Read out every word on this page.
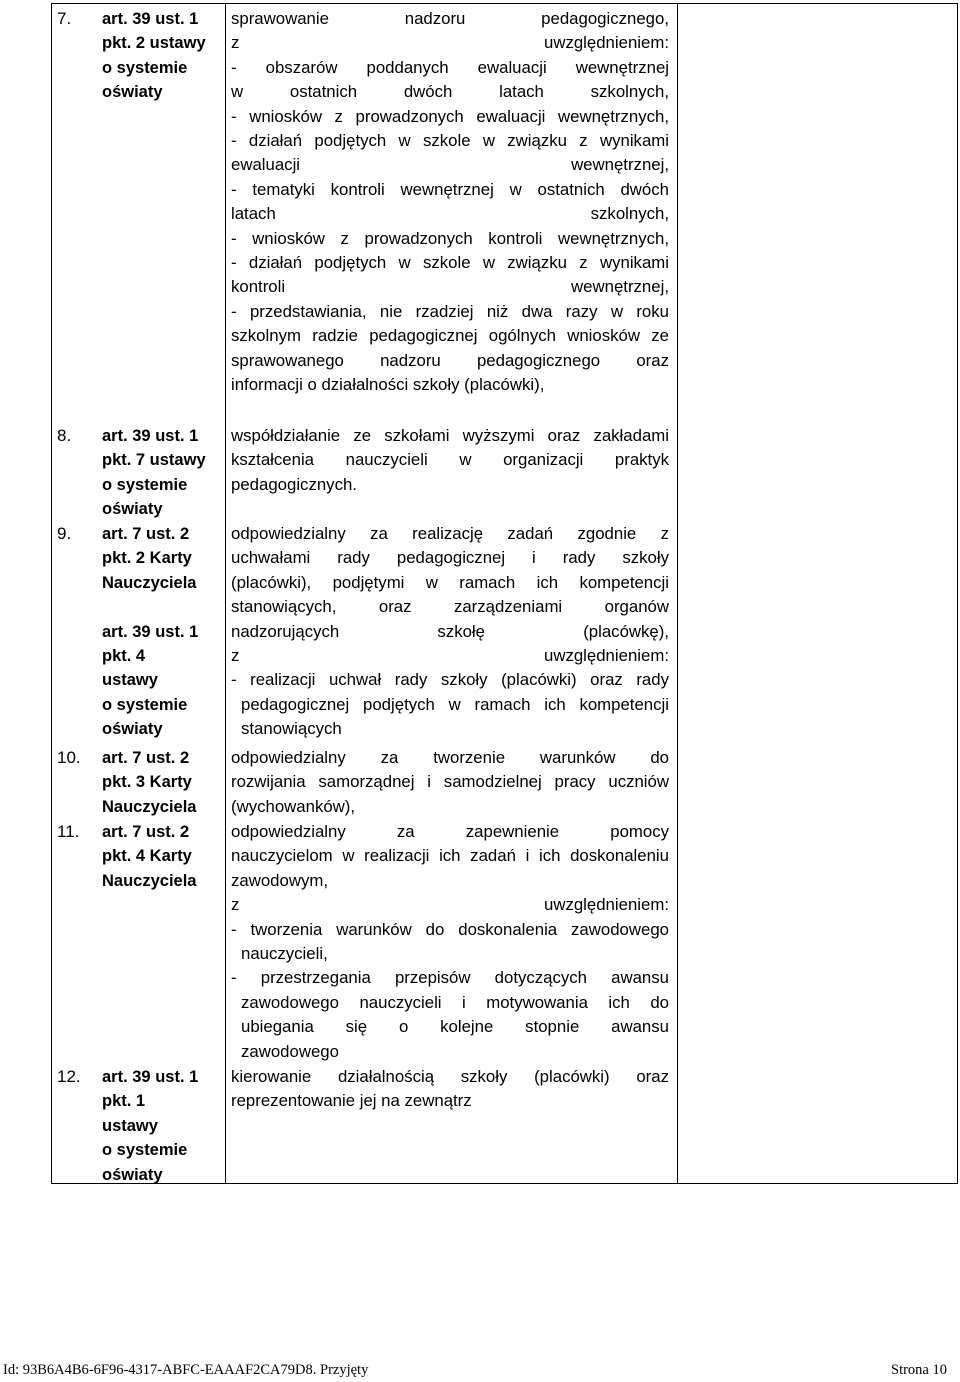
7.
8.
9.
10.
11.
12.

art. 39 ust. 1

pkt. 2 ustawy

o systemie

oświaty

art. 39 ust. 1

pkt. 7 ustawy

o systemie

oświaty

art. 7 ust. 2

pkt. 2 Karty

Nauczyciela

art. 39 ust. 1

pkt. 4

ustawy

o systemie

oświaty

art. 7 ust. 2

pkt. 3 Karty

Nauczyciela

art. 7 ust. 2

pkt. 4 Karty

Nauczyciela

art. 39 ust. 1

pkt. 1

ustawy

o systemie

oświaty

sprawowanie nadzoru pedagogicznego,

z uwzględnieniem:

- obszarów poddanych ewaluacji wewnętrznej

w ostatnich dwóch latach szkolnych,

- wniosków z prowadzonych ewaluacji wewnętrznych,

- działań podjętych w szkole w związku z wynikami

ewaluacji wewnętrznej,

- tematyki kontroli wewnętrznej w ostatnich dwóch

latach szkolnych,

- wniosków z prowadzonych kontroli wewnętrznych,

- działań podjętych w szkole w związku z wynikami

kontroli wewnętrznej,

- przedstawiania, nie rzadziej niż dwa razy w roku

szkolnym radzie pedagogicznej ogólnych wniosków ze

sprawowanego nadzoru pedagogicznego oraz

informacji o działalności szkoły (placówki),

współdziałanie ze szkołami wyższymi oraz zakładami

kształcenia nauczycieli w organizacji praktyk

pedagogicznych.

odpowiedzialny za realizację zadań zgodnie z

uchwałami rady pedagogicznej i rady szkoły

(placówki), podjętymi w ramach ich kompetencji

stanowiących, oraz zarządzeniami organów

nadzorujących szkołę (placówkę),

z uwzględnieniem:

- realizacji uchwał rady szkoły (placówki) oraz rady

pedagogicznej podjętych w ramach ich kompetencji

stanowiących

odpowiedzialny za tworzenie warunków do

rozwijania samorządnej i samodzielnej pracy uczniów

(wychowanków),

odpowiedzialny za zapewnienie pomocy

nauczycielom w realizacji ich zadań i ich doskonaleniu

zawodowym,

z uwzględnieniem:

- tworzenia warunków do doskonalenia zawodowego

nauczycieli,

- przestrzegania przepisów dotyczących awansu

zawodowego nauczycieli i motywowania ich do

ubiegania się o kolejne stopnie awansu

zawodowego

kierowanie działalnością szkoły (placówki) oraz

reprezentowanie jej na zewnątrz

Id: 93B6A4B6-6F96-4317-ABFC-EAAAF2CA79D8. Przyjęty	Strona 10
